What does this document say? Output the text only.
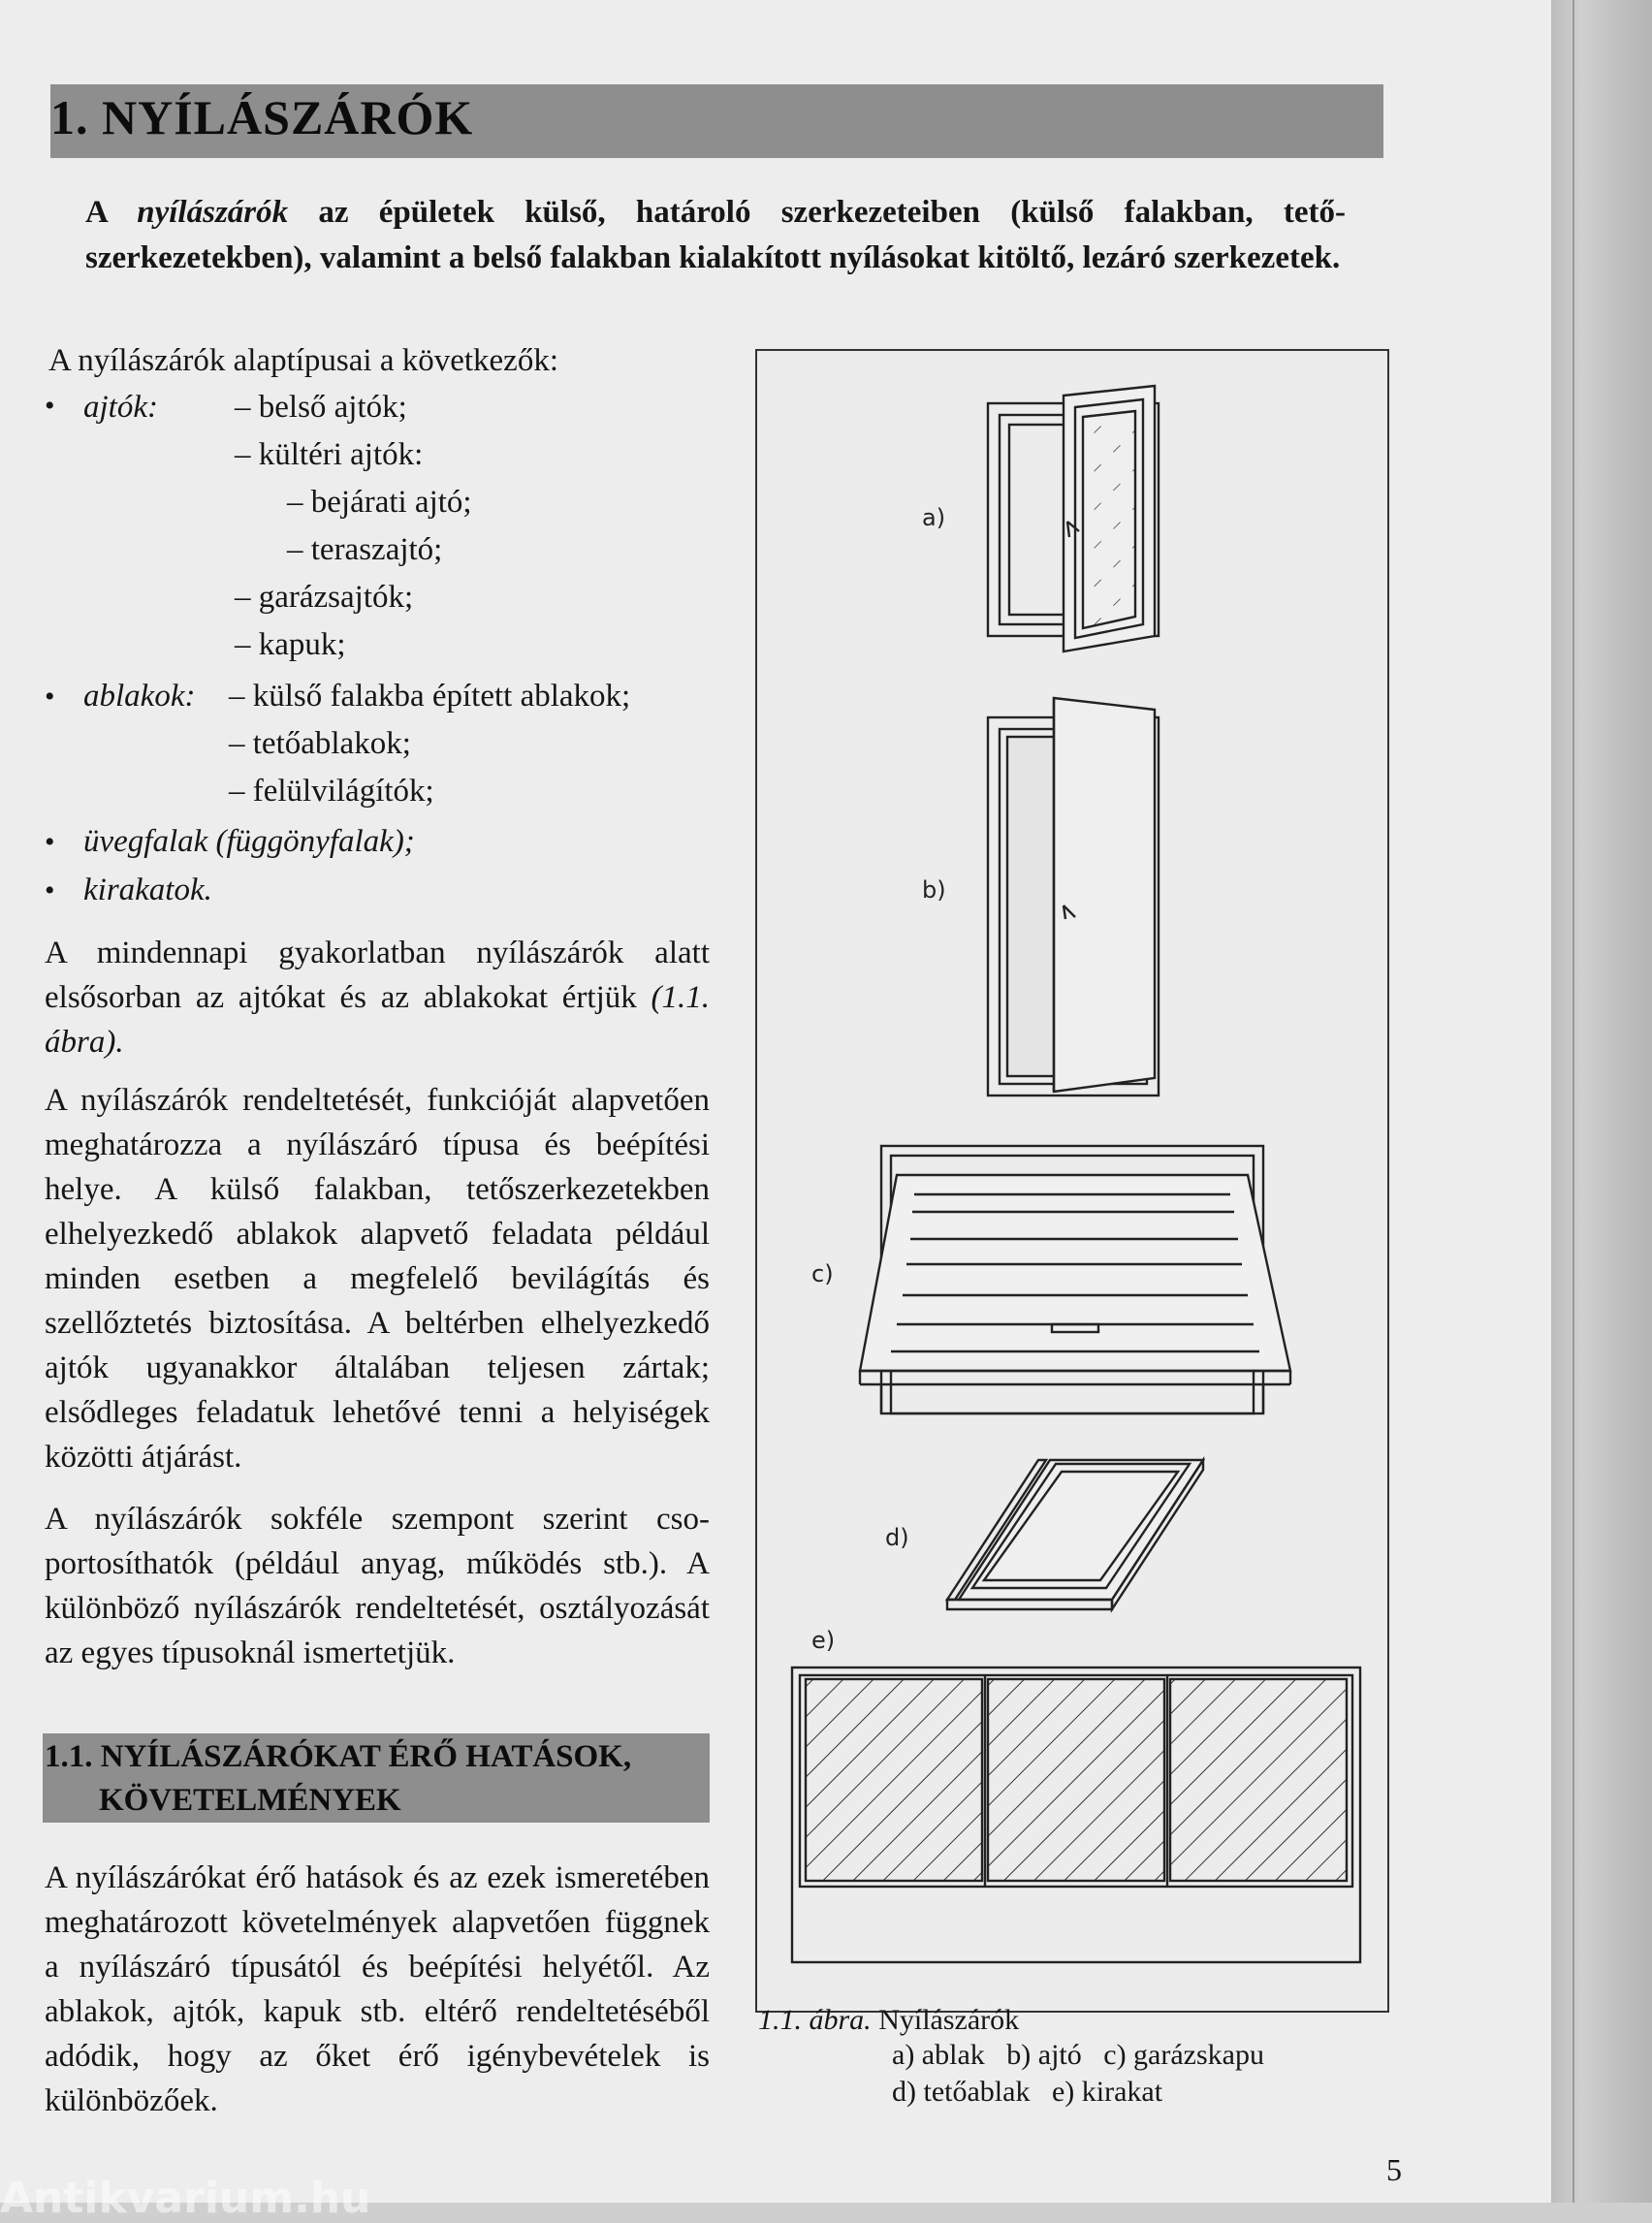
1. NYÍLÁSZÁRÓK
A nyílászárók az épületek külső, határoló szerkezeteiben (külső falakban, tetőszerkezetekben), valamint a belső falakban kialakított nyílásokat kitöltő, lezáró szerkezetek.
A nyílászárók alaptípusai a következők:
• ajtók: – belső ajtók;
– kültéri ajtók:
– bejárati ajtó;
– teraszajtó;
– garázsajtók;
– kapuk;
• ablakok: – külső falakba épített ablakok;
– tetőablakok;
– felülvilágítók;
• üvegfalak (függönyfalak);
• kirakatok.
A mindennapi gyakorlatban nyílászárók alatt elsősorban az ajtókat és az ablakokat értjük (1.1. ábra).
A nyílászárók rendeltetését, funkcióját alapvetően meghatározza a nyílászáró típusa és beépítési helye. A külső falakban, tetőszerkezetekben elhelyezkedő ablakok alapvető feladata például minden esetben a megfelelő bevilágítás és szellőztetés biztosítása. A beltérben elhelyezkedő ajtók ugyanakkor általában teljesen zártak; elsődleges feladatuk lehetővé tenni a helyiségek közötti átjárást.
A nyílászárók sokféle szempont szerint csoportosíthatók (például anyag, működés stb.). A különböző nyílászárók rendeltetését, osztályozását az egyes típusoknál ismertetjük.
1.1. NYÍLÁSZÁRÓKAT ÉRŐ HATÁSOK,
KÖVETELMÉNYEK
A nyílászárókat érő hatások és az ezek ismeretében meghatározott követelmények alapvetően függnek a nyílászáró típusától és beépítési helyétől. Az ablakok, ajtók, kapuk stb. eltérő rendeltetéséből adódik, hogy az őket érő igénybevételek is különbözőek.
a)
b)
c)
d)
e)
1.1. ábra. Nyílászárók
a) ablak   b) ajtó   c) garázskapu
d) tetőablak   e) kirakat
5
Antikvarium.hu
